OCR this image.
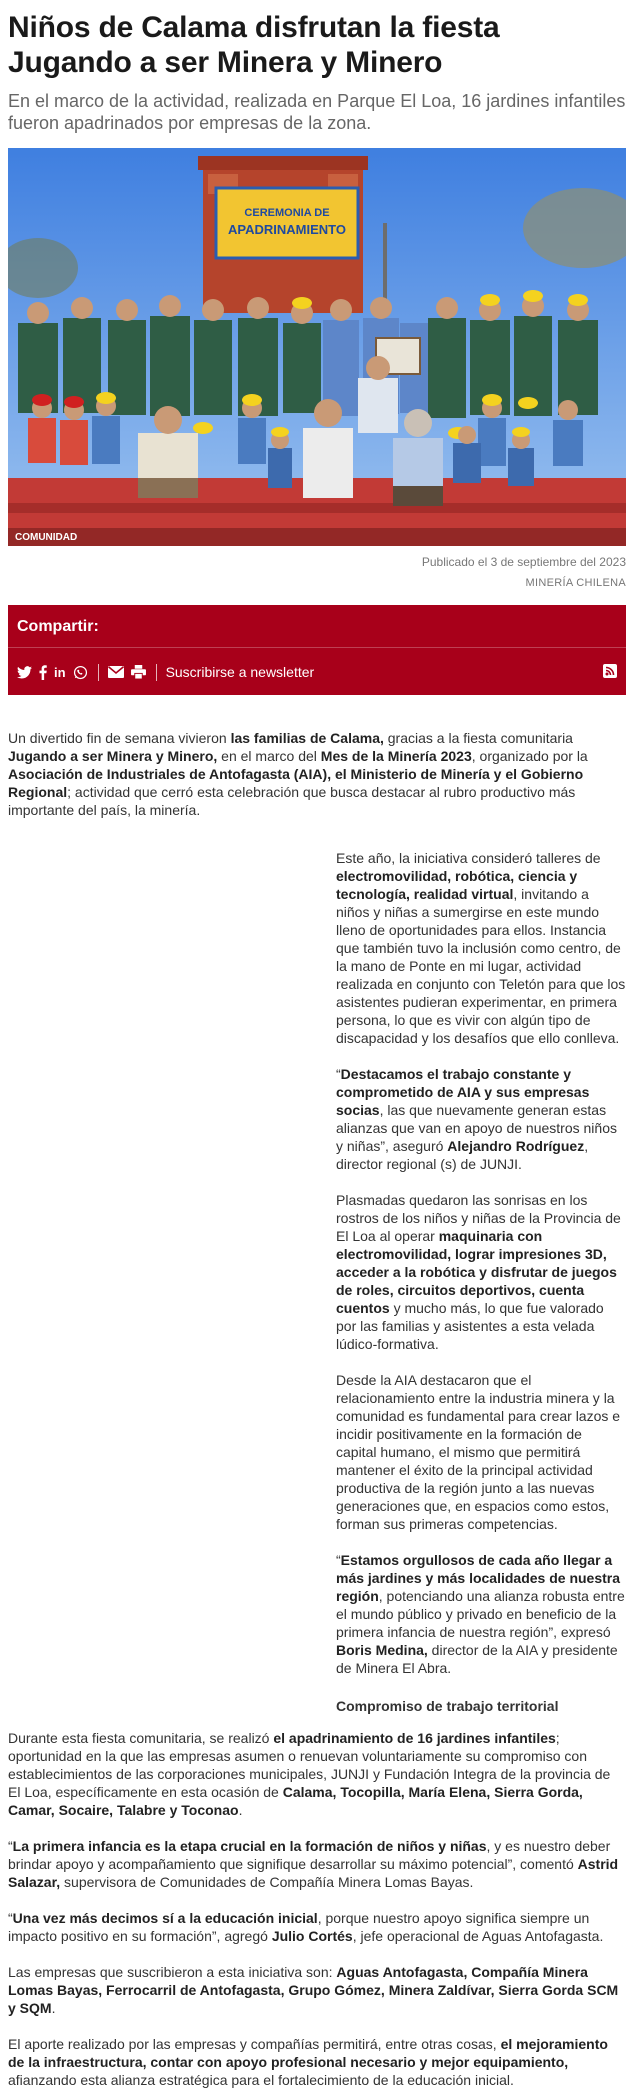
Niños de Calama disfrutan la fiesta Jugando a ser Minera y Minero

En el marco de la actividad, realizada en Parque El Loa, 16 jardines infantiles fueron apadrinados por empresas de la zona.

CEREMONIA DE
APADRINAMIENTO
COMUNIDAD
Publicado el 3 de septiembre del 2023
MINERÍA CHILENA
Compartir:
in	Suscribirse a newsletter

Un divertido fin de semana vivieron las familias de Calama, gracias a la fiesta comunitaria Jugando a ser Minera y Minero, en el marco del Mes de la Minería 2023, organizado por la Asociación de Industriales de Antofagasta (AIA), el Ministerio de Minería y el Gobierno Regional; actividad que cerró esta celebración que busca destacar al rubro productivo más importante del país, la minería.

Este año, la iniciativa consideró talleres de electromovilidad, robótica, ciencia y tecnología, realidad virtual, invitando a niños y niñas a sumergirse en este mundo lleno de oportunidades para ellos. Instancia que también tuvo la inclusión como centro, de la mano de Ponte en mi lugar, actividad realizada en conjunto con Teletón para que los asistentes pudieran experimentar, en primera persona, lo que es vivir con algún tipo de discapacidad y los desafíos que ello conlleva.

“Destacamos el trabajo constante y comprometido de AIA y sus empresas socias, las que nuevamente generan estas alianzas que van en apoyo de nuestros niños y niñas”, aseguró Alejandro Rodríguez, director regional (s) de JUNJI.

Plasmadas quedaron las sonrisas en los rostros de los niños y niñas de la Provincia de El Loa al operar maquinaria con electromovilidad, lograr impresiones 3D, acceder a la robótica y disfrutar de juegos de roles, circuitos deportivos, cuenta cuentos y mucho más, lo que fue valorado por las familias y asistentes a esta velada lúdico-formativa.

Desde la AIA destacaron que el relacionamiento entre la industria minera y la comunidad es fundamental para crear lazos e incidir positivamente en la formación de capital humano, el mismo que permitirá mantener el éxito de la principal actividad productiva de la región junto a las nuevas generaciones que, en espacios como estos, forman sus primeras competencias.

“Estamos orgullosos de cada año llegar a más jardines y más localidades de nuestra región, potenciando una alianza robusta entre el mundo público y privado en beneficio de la primera infancia de nuestra región”, expresó Boris Medina, director de la AIA y presidente de Minera El Abra.

Compromiso de trabajo territorial

Durante esta fiesta comunitaria, se realizó el apadrinamiento de 16 jardines infantiles; oportunidad en la que las empresas asumen o renuevan voluntariamente su compromiso con establecimientos de las corporaciones municipales, JUNJI y Fundación Integra de la provincia de El Loa, específicamente en esta ocasión de Calama, Tocopilla, María Elena, Sierra Gorda, Camar, Socaire, Talabre y Toconao.

“La primera infancia es la etapa crucial en la formación de niños y niñas, y es nuestro deber brindar apoyo y acompañamiento que signifique desarrollar su máximo potencial”, comentó Astrid Salazar, supervisora de Comunidades de Compañía Minera Lomas Bayas.

“Una vez más decimos sí a la educación inicial, porque nuestro apoyo significa siempre un impacto positivo en su formación”, agregó Julio Cortés, jefe operacional de Aguas Antofagasta.

Las empresas que suscribieron a esta iniciativa son: Aguas Antofagasta, Compañía Minera Lomas Bayas, Ferrocarril de Antofagasta, Grupo Gómez, Minera Zaldívar, Sierra Gorda SCM y SQM.

El aporte realizado por las empresas y compañías permitirá, entre otras cosas, el mejoramiento de la infraestructura, contar con apoyo profesional necesario y mejor equipamiento, afianzando esta alianza estratégica para el fortalecimiento de la educación inicial.
